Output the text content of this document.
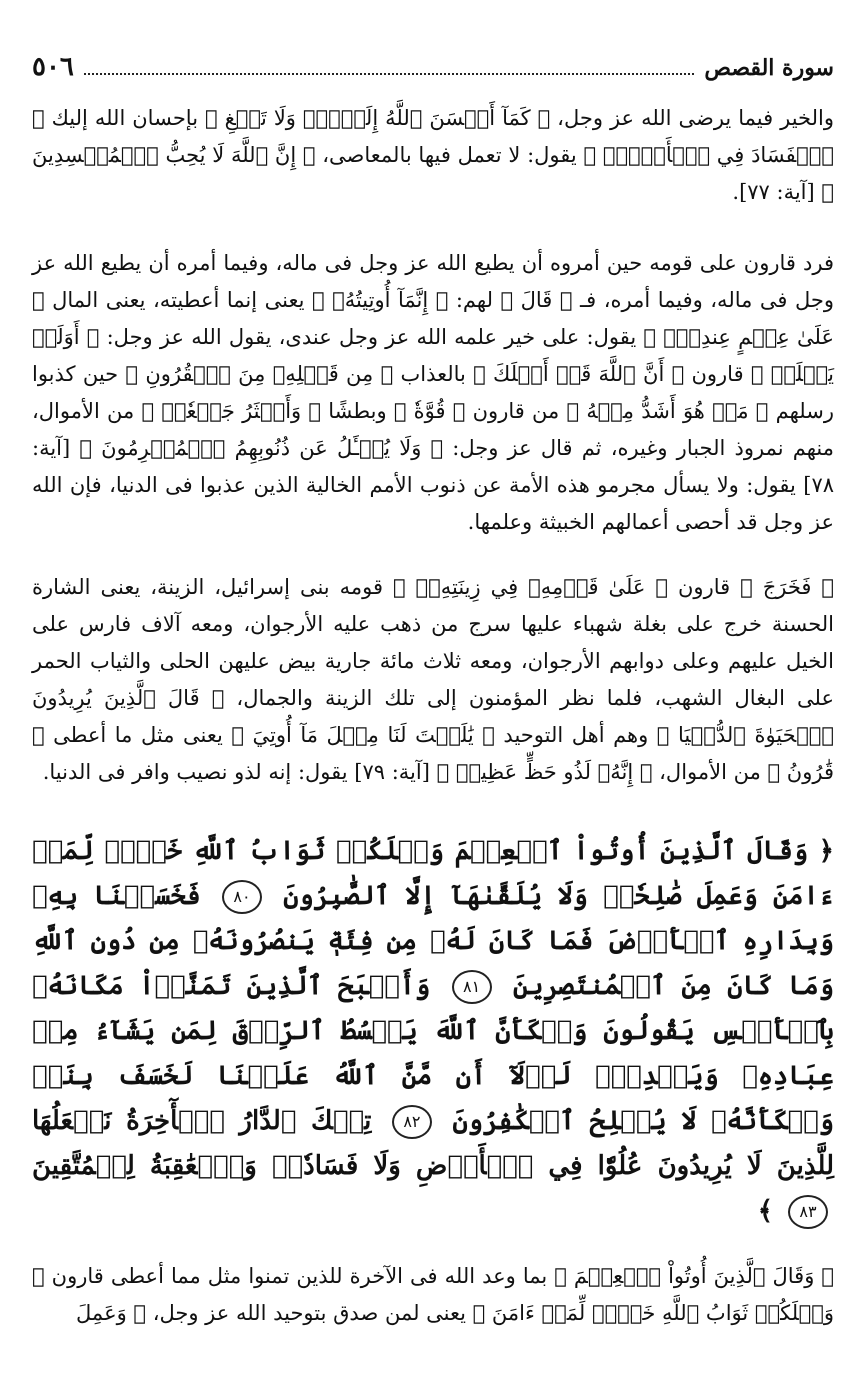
سورة القصص
٥٠٦

والخير فيما يرضى الله عز وجل، ﴿ كَمَآ أَحۡسَنَ ٱللَّهُ إِلَيۡكَۖ وَلَا تَبۡغِ ﴾ بإحسان الله إليك ﴿ ٱلۡفَسَادَ فِي ٱلۡأَرۡضِۖ ﴾ يقول: لا تعمل فيها بالمعاصى، ﴿ إِنَّ ٱللَّهَ لَا يُحِبُّ ٱلۡمُفۡسِدِينَ ﴾ [آية: ٧٧].

فرد قارون على قومه حين أمروه أن يطيع الله عز وجل فى ماله، وفيما أمره أن يطيع الله عز وجل فى ماله، وفيما أمره، فـ ﴿ قَالَ ﴾ لهم: ﴿ إِنَّمَآ أُوتِيتُهُۥ ﴾ يعنى إنما أعطيته، يعنى المال ﴿ عَلَىٰ عِلۡمٍ عِندِيٓۚ ﴾ يقول: على خير علمه الله عز وجل عندى، يقول الله عز وجل: ﴿ أَوَلَمۡ يَعۡلَمۡ ﴾ قارون ﴿ أَنَّ ٱللَّهَ قَدۡ أَهۡلَكَ ﴾ بالعذاب ﴿ مِن قَبۡلِهِۦ مِنَ ٱلۡقُرُونِ ﴾ حين كذبوا رسلهم ﴿ مَنۡ هُوَ أَشَدُّ مِنۡهُ ﴾ من قارون ﴿ قُوَّةٗ ﴾ وبطشًا ﴿ وَأَكۡثَرُ جَمۡعٗاۚ ﴾ من الأموال، منهم نمروذ الجبار وغيره، ثم قال عز وجل: ﴿ وَلَا يُسۡـَٔلُ عَن ذُنُوبِهِمُ ٱلۡمُجۡرِمُونَ ﴾ [آية: ٧٨] يقول: ولا يسأل مجرمو هذه الأمة عن ذنوب الأمم الخالية الذين عذبوا فى الدنيا، فإن الله عز وجل قد أحصى أعمالهم الخبيثة وعلمها.

﴿ فَخَرَجَ ﴾ قارون ﴿ عَلَىٰ قَوۡمِهِۦ فِي زِينَتِهِۦۖ ﴾ قومه بنى إسرائيل، الزينة، يعنى الشارة الحسنة خرج على بغلة شهباء عليها سرج من ذهب عليه الأرجوان، ومعه آلاف فارس على الخيل عليهم وعلى دوابهم الأرجوان، ومعه ثلاث مائة جارية بيض عليهن الحلى والثياب الحمر على البغال الشهب، فلما نظر المؤمنون إلى تلك الزينة والجمال، ﴿ قَالَ ٱلَّذِينَ يُرِيدُونَ ٱلۡحَيَوٰةَ ٱلدُّنۡيَا ﴾ وهم أهل التوحيد ﴿ يَٰلَيۡتَ لَنَا مِثۡلَ مَآ أُوتِيَ ﴾ يعنى مثل ما أعطى ﴿ قَٰرُونُ ﴾ من الأموال، ﴿ إِنَّهُۥ لَذُو حَظٍّ عَظِيمٖ ﴾ [آية: ٧٩] يقول: إنه لذو نصيب وافر فى الدنيا.

﴿ وَقَالَ ٱلَّذِينَ أُوتُواْ ٱلۡعِلۡمَ وَيۡلَكُمۡ ثَوَابُ ٱللَّهِ خَيۡرٞ لِّمَنۡ ءَامَنَ وَعَمِلَ صَٰلِحٗاۚ وَلَا يُلَقَّىٰهَآ إِلَّا ٱلصَّٰبِرُونَ ٨٠ فَخَسَفۡنَا بِهِۦ وَبِدَارِهِ ٱلۡأَرۡضَ فَمَا كَانَ لَهُۥ مِن فِئَةٖ يَنصُرُونَهُۥ مِن دُونِ ٱللَّهِ وَمَا كَانَ مِنَ ٱلۡمُنتَصِرِينَ ٨١ وَأَصۡبَحَ ٱلَّذِينَ تَمَنَّوۡاْ مَكَانَهُۥ بِٱلۡأَمۡسِ يَقُولُونَ وَيۡكَأَنَّ ٱللَّهَ يَبۡسُطُ ٱلرِّزۡقَ لِمَن يَشَآءُ مِنۡ عِبَادِهِۦ وَيَقۡدِرُۖ لَوۡلَآ أَن مَّنَّ ٱللَّهُ عَلَيۡنَا لَخَسَفَ بِنَاۖ وَيۡكَأَنَّهُۥ لَا يُفۡلِحُ ٱلۡكَٰفِرُونَ ٨٢ تِلۡكَ ٱلدَّارُ ٱلۡأٓخِرَةُ نَجۡعَلُهَا لِلَّذِينَ لَا يُرِيدُونَ عُلُوّٗا فِي ٱلۡأَرۡضِ وَلَا فَسَادٗاۚ وَٱلۡعَٰقِبَةُ لِلۡمُتَّقِينَ ٨٣ ﴾

﴿ وَقَالَ ٱلَّذِينَ أُوتُواْ ٱلۡعِلۡمَ ﴾ بما وعد الله فى الآخرة للذين تمنوا مثل مما أعطى قارون ﴿ وَيۡلَكُمۡ ثَوَابُ ٱللَّهِ خَيۡرٞ لِّمَنۡ ءَامَنَ ﴾ يعنى لمن صدق بتوحيد الله عز وجل، ﴿ وَعَمِلَ
